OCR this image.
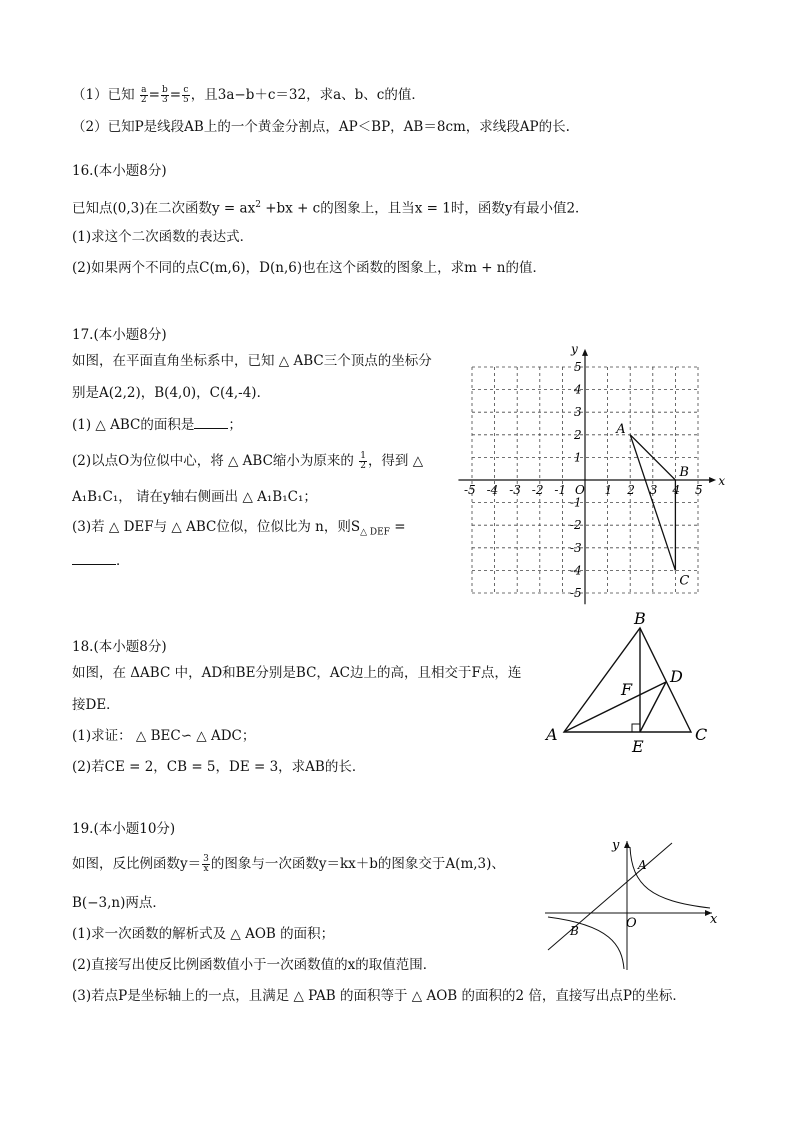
（1）已知 $\frac{a}{2} = \frac{b}{3} = \frac{c}{5}$ ，且3a−b＋c＝32，求a、b、c的值．
（2）已知P是线段AB上的一个黄金分割点，AP＜BP，AB＝8cm，求线段AP的长.
16.(本小题8分)
已知点(0,3)在二次函数$y = ax^2 +bx + c$的图象上，且当x = 1时，函数y有最小值2．
(1)求这个二次函数的表达式．
(2)如果两个不同的点C(m,6)，D(n,6)也在这个函数的图象上，求m + n的值．
17.(本小题8分)
如图，在平面直角坐标系中，已知 △ ABC三个顶点的坐标分
别是A(2,2)，B(4,0)，C(4,-4)．
(1) △ ABC的面积是	；
(2)以点O为位似中心，将 △ ABC缩小为原来的 $\frac{1}{2}$ ，得到 △
A₁B₁C₁， 请在y轴右侧画出 △ A₁B₁C₁；
(3)若 △ DEF与 △ ABC位似，位似比为 n，则$S_{\triangle DEF}$ =
．
x
y
-5
-5
-4
-4
-3
-3
-2
-2
-1
-1
1
1
2
2
3
3
4
4
5
5
O
A
B
C
18.(本小题8分)
如图，在 ΔABC 中，AD和BE分别是BC，AC边上的高，且相交于F点，连
接DE．
(1)求证： △ BEC∽ △ ADC；
(2)若CE = 2，CB = 5，DE = 3，求AB的长．
A
B
C
D
E
F
19.(本小题10分)
如图，反比例函数$y= \frac{3}{x}$ 的图象与一次函数y＝kx＋b的图象交于A(m,3)、
B(−3,n)两点．
(1)求一次函数的解析式及 △ AOB 的面积；
(2)直接写出使反比例函数值小于一次函数值的x的取值范围．
(3)若点P是坐标轴上的一点，且满足 △ PAB 的面积等于 △ AOB 的面积的2 倍，直接写出点P的坐标．
x
y
O
A
B
